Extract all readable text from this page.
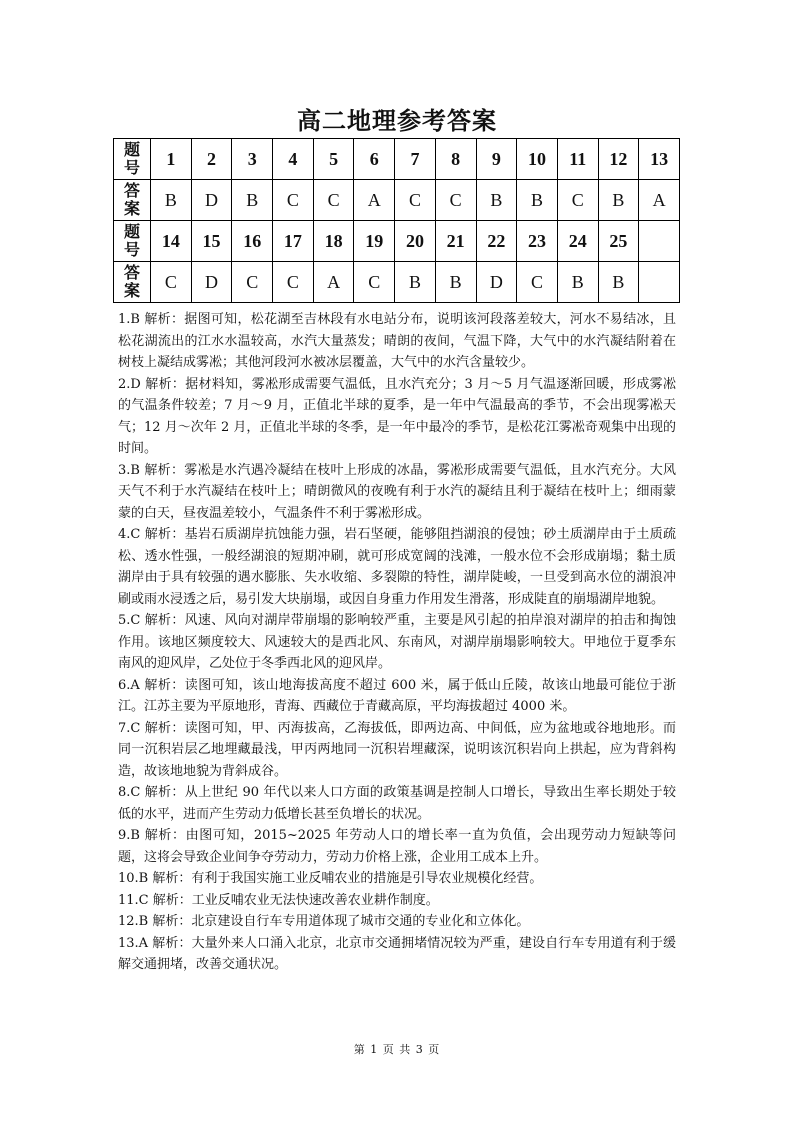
高二地理参考答案
题
号	1	2	3	4	5	6	7	8	9	10	11	12	13
答
案	B	D	B	C	C	A	C	C	B	B	C	B	A
题
号	14	15	16	17	18	19	20	21	22	23	24	25	
答
案	C	D	C	C	A	C	B	B	D	C	B	B	

1.B 解析：据图可知，松花湖至吉林段有水电站分布，说明该河段落差较大，河水不易结冰，且松花湖流出的江水水温较高，水汽大量蒸发；晴朗的夜间，气温下降，大气中的水汽凝结附着在树枝上凝结成雾凇；其他河段河水被冰层覆盖，大气中的水汽含量较少。

2.D 解析：据材料知，雾凇形成需要气温低，且水汽充分；3 月～5 月气温逐渐回暖，形成雾凇的气温条件较差；7 月～9 月，正值北半球的夏季，是一年中气温最高的季节，不会出现雾凇天气；12 月～次年 2 月，正值北半球的冬季，是一年中最冷的季节，是松花江雾凇奇观集中出现的时间。

3.B 解析：雾凇是水汽遇冷凝结在枝叶上形成的冰晶，雾凇形成需要气温低，且水汽充分。大风天气不利于水汽凝结在枝叶上；晴朗微风的夜晚有利于水汽的凝结且利于凝结在枝叶上；细雨蒙蒙的白天，昼夜温差较小，气温条件不利于雾凇形成。

4.C 解析：基岩石质湖岸抗蚀能力强，岩石坚硬，能够阻挡湖浪的侵蚀；砂土质湖岸由于土质疏松、透水性强，一般经湖浪的短期冲刷，就可形成宽阔的浅滩，一般水位不会形成崩塌；黏土质湖岸由于具有较强的遇水膨胀、失水收缩、多裂隙的特性，湖岸陡峻，一旦受到高水位的湖浪冲刷或雨水浸透之后，易引发大块崩塌，或因自身重力作用发生滑落，形成陡直的崩塌湖岸地貌。

5.C 解析：风速、风向对湖岸带崩塌的影响较严重，主要是风引起的拍岸浪对湖岸的拍击和掏蚀作用。该地区频度较大、风速较大的是西北风、东南风，对湖岸崩塌影响较大。甲地位于夏季东南风的迎风岸，乙处位于冬季西北风的迎风岸。

6.A 解析：读图可知，该山地海拔高度不超过 600 米，属于低山丘陵，故该山地最可能位于浙江。江苏主要为平原地形，青海、西藏位于青藏高原，平均海拔超过 4000 米。

7.C 解析：读图可知，甲、丙海拔高，乙海拔低，即两边高、中间低，应为盆地或谷地地形。而同一沉积岩层乙地埋藏最浅，甲丙两地同一沉积岩埋藏深，说明该沉积岩向上拱起，应为背斜构造，故该地地貌为背斜成谷。

8.C 解析：从上世纪 90 年代以来人口方面的政策基调是控制人口增长，导致出生率长期处于较低的水平，进而产生劳动力低增长甚至负增长的状况。

9.B 解析：由图可知，2015~2025 年劳动人口的增长率一直为负值，会出现劳动力短缺等问题，这将会导致企业间争夺劳动力，劳动力价格上涨，企业用工成本上升。

10.B 解析：有利于我国实施工业反哺农业的措施是引导农业规模化经营。

11.C 解析：工业反哺农业无法快速改善农业耕作制度。

12.B 解析：北京建设自行车专用道体现了城市交通的专业化和立体化。

13.A 解析：大量外来人口涌入北京，北京市交通拥堵情况较为严重，建设自行车专用道有利于缓解交通拥堵，改善交通状况。

第 1 页 共 3 页
